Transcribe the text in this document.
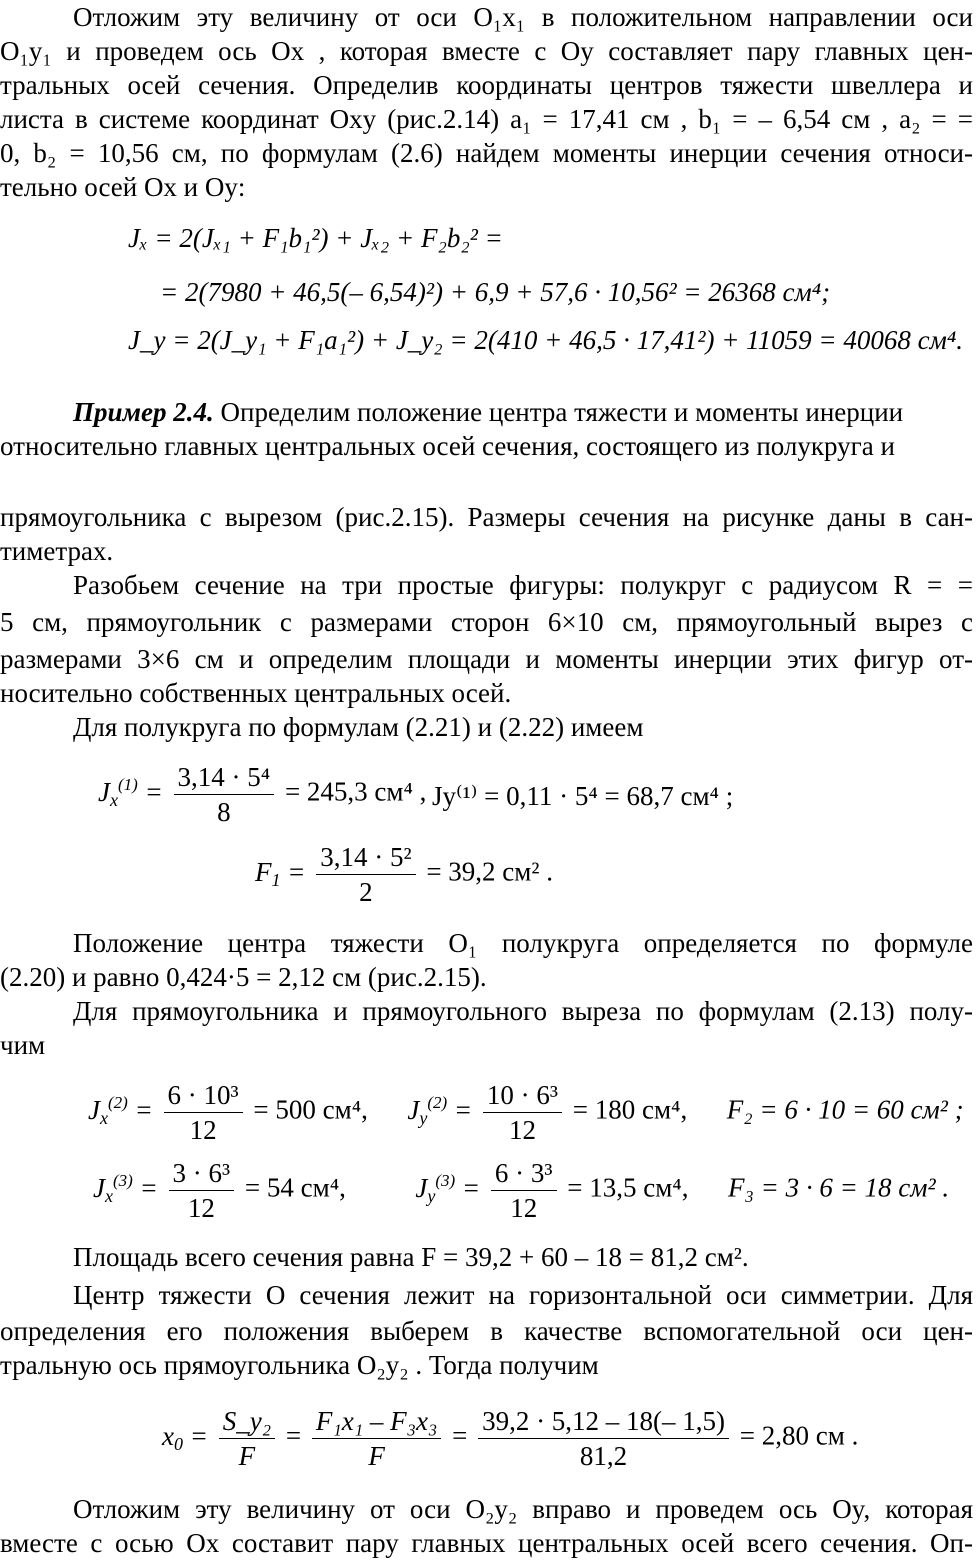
Отложим эту величину от оси O₁x₁ в положительном направлении оси
O₁y₁ и проведем ось Ox , которая вместе с Oy составляет пару главных цен-
тральных осей сечения. Определив координаты центров тяжести швеллера и
листа в системе координат Oxy (рис.2.14) a₁ = 17,41 см , b₁ = – 6,54 см , a₂ = =
0, b₂ = 10,56 см, по формулам (2.6) найдем моменты инерции сечения относи-
тельно осей Ox и Oy:
Jₓ = 2(Jₓ₁ + F₁b₁²) + Jₓ₂ + F₂b₂² =
= 2(7980 + 46,5(– 6,54)²) + 6,9 + 57,6 · 10,56² = 26368 см⁴;
J_y = 2(J_y₁ + F₁a₁²) + J_y₂ = 2(410 + 46,5 · 17,41²) + 11059 = 40068 см⁴.
Пример 2.4. Определим положение центра тяжести и моменты инерции
относительно главных центральных осей сечения, состоящего из полукруга и
прямоугольника с вырезом (рис.2.15). Размеры сечения на рисунке даны в сан-
тиметрах.
Разобьем сечение на три простые фигуры: полукруг с радиусом R = =
5 см, прямоугольник с размерами сторон 6×10 см, прямоугольный вырез с
размерами 3×6 см и определим площади и моменты инерции этих фигур от-
носительно собственных центральных осей.
Для полукруга по формулам (2.21) и (2.22) имеем
$J_x^{(1)} = \frac{\text{3,14 · 5⁴}}{8} = 245,3$ см⁴ , Jy⁽¹⁾ = 0,11 · 5⁴ = 68,7 см⁴ ;
$F_1 = \frac{\text{3,14 · 5²}}{2} = 39,2$ см² .
Положение центра тяжести O₁ полукруга определяется по формуле
(2.20) и равно 0,424·5 = 2,12 см (рис.2.15).
Для прямоугольника и прямоугольного выреза по формулам (2.13) полу-
чим
$J_x^{(2)} = \frac{\text{6 · 10³}}{12} = 500$ см⁴, $J_y^{(2)} = \frac{\text{10 · 6³}}{12} = 180$ см⁴, F₂ = 6 · 10 = 60 см² ;
$J_x^{(3)} = \frac{\text{3 · 6³}}{12} = 54$ см⁴,	$J_y^{(3)} = \frac{\text{6 · 3³}}{12} = 13,5$ см⁴, F₃ = 3 · 6 = 18 см² .
Площадь всего сечения равна F = 39,2 + 60 – 18 = 81,2 см².
Центр тяжести O сечения лежит на горизонтальной оси симметрии. Для
определения его положения выберем в качестве вспомогательной оси цен-
тральную ось прямоугольника O₂y₂ . Тогда получим
$x_0 = \frac{\text{S\_y₂}}{F} = \frac{\text{F₁x₁ – F₃x₃}}{F} = \frac{39,2 \cdot 5,12 - 18(- 1,5)}{81,2} = 2,80$ см .
Отложим эту величину от оси O₂y₂ вправо и проведем ось Oy, которая
вместе с осью Ox составит пару главных центральных осей всего сечения. Оп-
